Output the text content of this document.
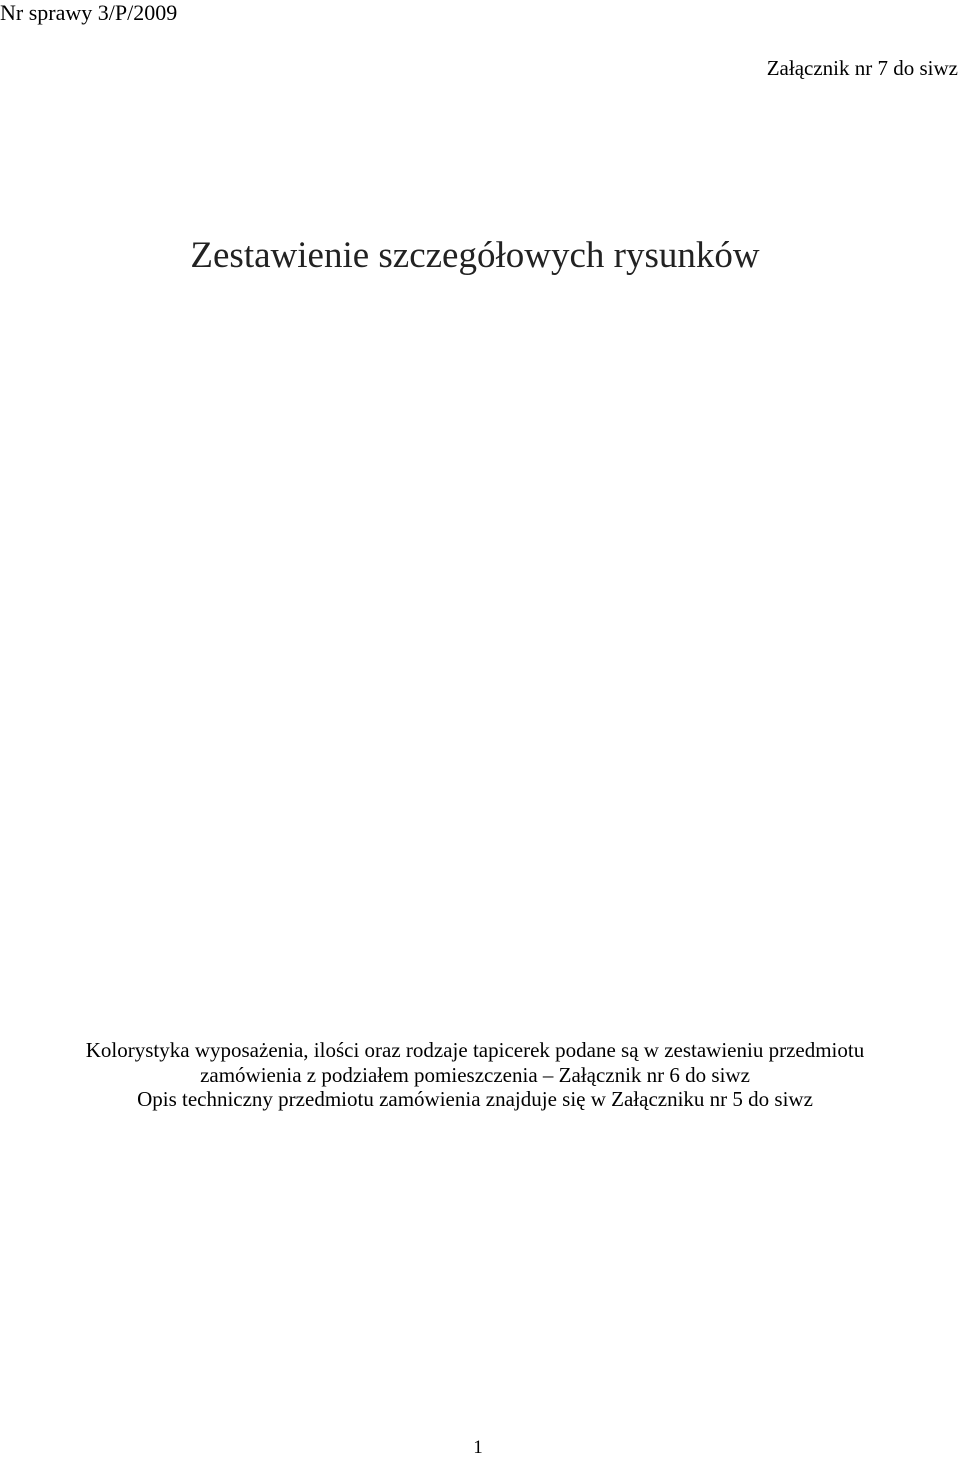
Nr sprawy 3/P/2009
Załącznik nr 7 do siwz
Zestawienie szczegółowych rysunków
Kolorystyka wyposażenia, ilości oraz rodzaje tapicerek podane są w zestawieniu przedmiotu
zamówienia z podziałem pomieszczenia – Załącznik nr 6 do siwz
Opis techniczny przedmiotu zamówienia znajduje się w Załączniku nr 5 do siwz
1
